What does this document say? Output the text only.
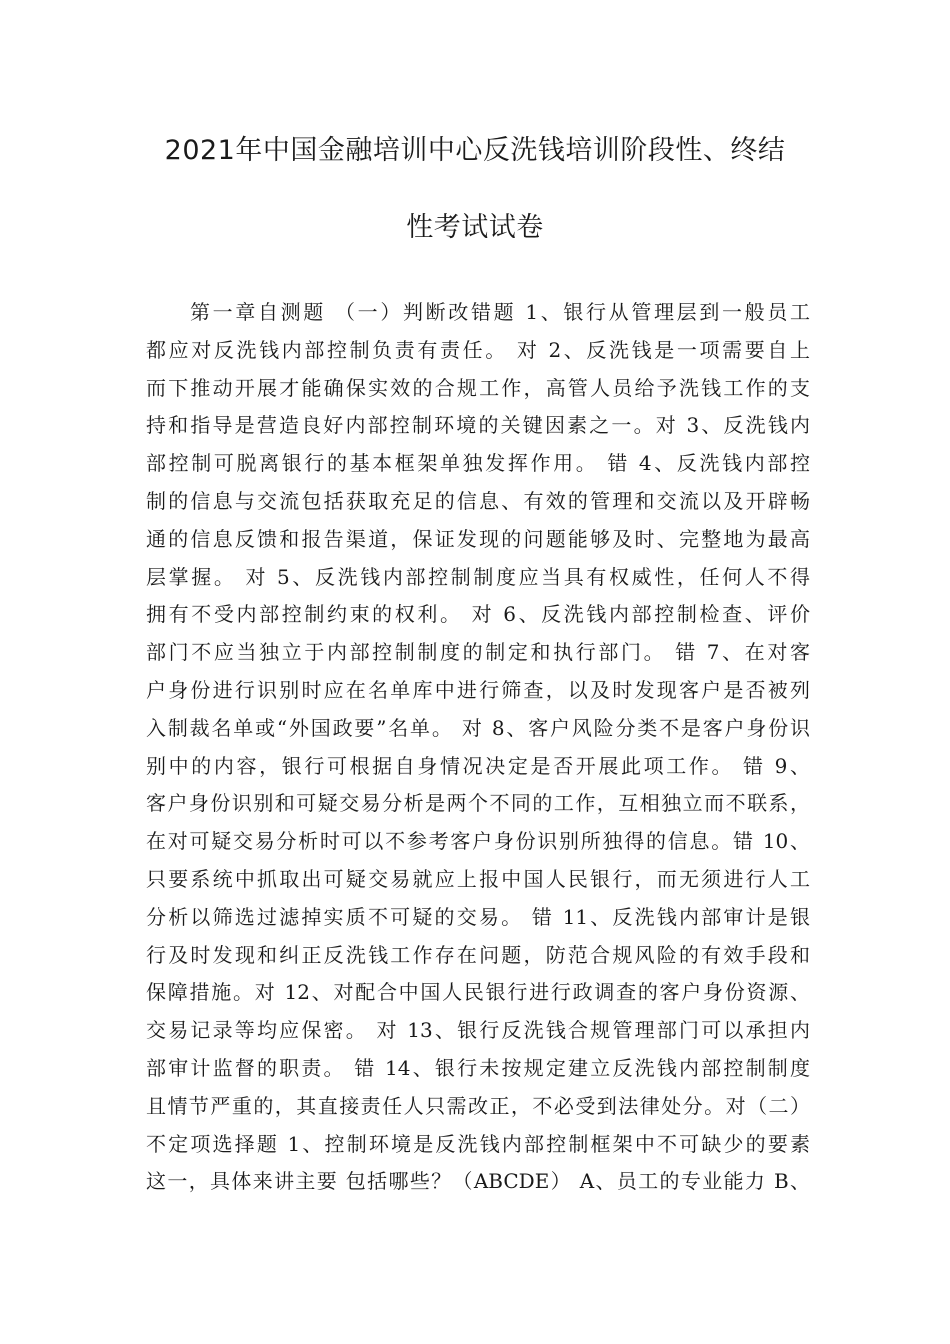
2021年中国金融培训中心反洗钱培训阶段性、终结
性考试试卷
第一章自测题 （一）判断改错题 1、银行从管理层到一般员工
都应对反洗钱内部控制负责有责任。 对 2、反洗钱是一项需要自上
而下推动开展才能确保实效的合规工作，高管人员给予洗钱工作的支
持和指导是营造良好内部控制环境的关键因素之一。对 3、反洗钱内
部控制可脱离银行的基本框架单独发挥作用。 错 4、反洗钱内部控
制的信息与交流包括获取充足的信息、有效的管理和交流以及开辟畅
通的信息反馈和报告渠道，保证发现的问题能够及时、完整地为最高
层掌握。 对 5、反洗钱内部控制制度应当具有权威性，任何人不得
拥有不受内部控制约束的权利。 对 6、反洗钱内部控制检查、评价
部门不应当独立于内部控制制度的制定和执行部门。 错 7、在对客
户身份进行识别时应在名单库中进行筛查，以及时发现客户是否被列
入制裁名单或“外国政要”名单。 对 8、客户风险分类不是客户身份识
别中的内容，银行可根据自身情况决定是否开展此项工作。 错 9、
客户身份识别和可疑交易分析是两个不同的工作，互相独立而不联系，
在对可疑交易分析时可以不参考客户身份识别所独得的信息。错 10、
只要系统中抓取出可疑交易就应上报中国人民银行，而无须进行人工
分析以筛选过滤掉实质不可疑的交易。 错 11、反洗钱内部审计是银
行及时发现和纠正反洗钱工作存在问题，防范合规风险的有效手段和
保障措施。对 12、对配合中国人民银行进行政调查的客户身份资源、
交易记录等均应保密。 对 13、银行反洗钱合规管理部门可以承担内
部审计监督的职责。 错 14、银行未按规定建立反洗钱内部控制制度
且情节严重的，其直接责任人只需改正，不必受到法律处分。对（二）
不定项选择题 1、控制环境是反洗钱内部控制框架中不可缺少的要素
这一，具体来讲主要 包括哪些？（ABCDE） A、员工的专业能力 B、
